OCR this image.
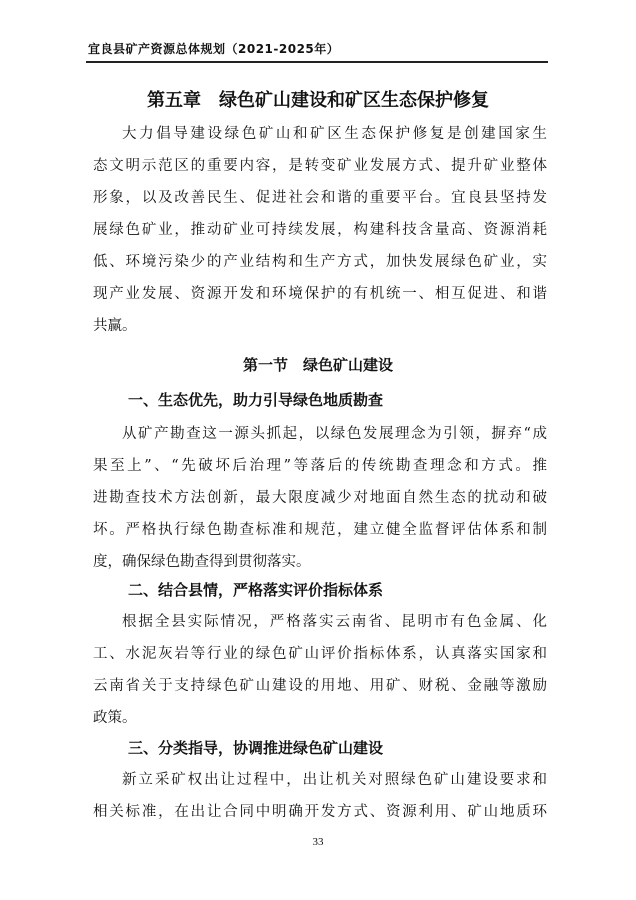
宜良县矿产资源总体规划（2021-2025年）
第五章　绿色矿山建设和矿区生态保护修复
大力倡导建设绿色矿山和矿区生态保护修复是创建国家生
态文明示范区的重要内容，是转变矿业发展方式、提升矿业整体
形象，以及改善民生、促进社会和谐的重要平台。宜良县坚持发
展绿色矿业，推动矿业可持续发展，构建科技含量高、资源消耗
低、环境污染少的产业结构和生产方式，加快发展绿色矿业，实
现产业发展、资源开发和环境保护的有机统一、相互促进、和谐
共赢。
第一节　绿色矿山建设
一、生态优先，助力引导绿色地质勘查
从矿产勘查这一源头抓起，以绿色发展理念为引领，摒弃“成
果至上”、“先破坏后治理”等落后的传统勘查理念和方式。推
进勘查技术方法创新，最大限度减少对地面自然生态的扰动和破
坏。严格执行绿色勘查标准和规范，建立健全监督评估体系和制
度，确保绿色勘查得到贯彻落实。
二、结合县情，严格落实评价指标体系
根据全县实际情况，严格落实云南省、昆明市有色金属、化
工、水泥灰岩等行业的绿色矿山评价指标体系，认真落实国家和
云南省关于支持绿色矿山建设的用地、用矿、财税、金融等激励
政策。
三、分类指导，协调推进绿色矿山建设
新立采矿权出让过程中，出让机关对照绿色矿山建设要求和
相关标准，在出让合同中明确开发方式、资源利用、矿山地质环
33
